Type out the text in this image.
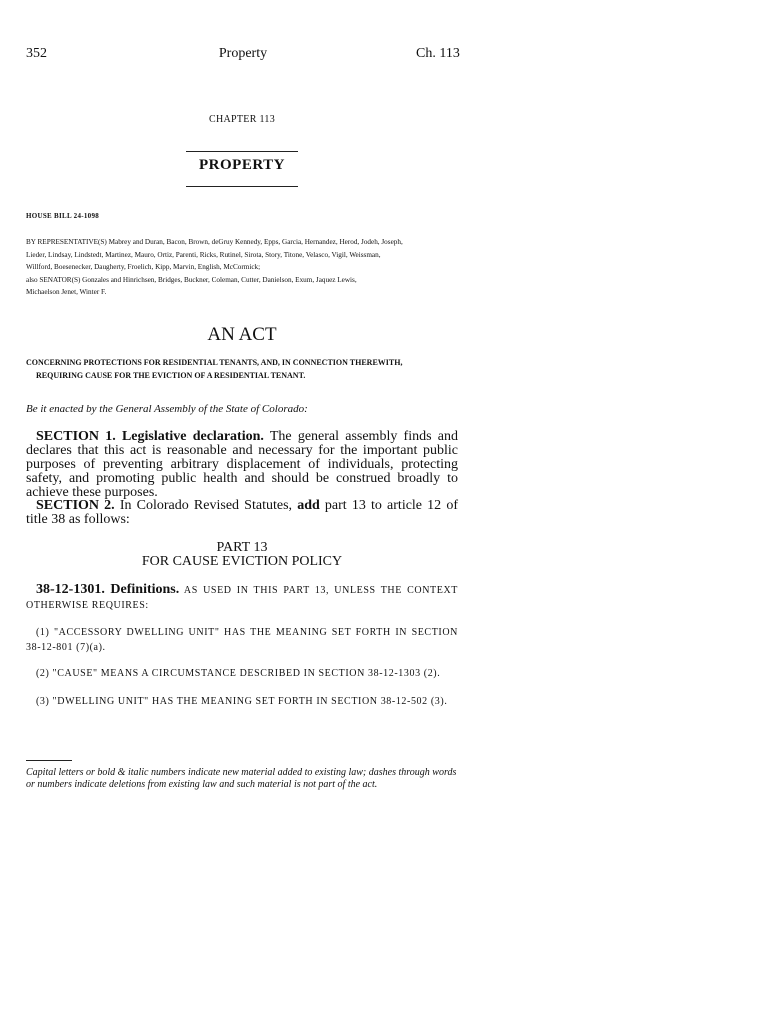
352	Property	Ch. 113
CHAPTER 113
PROPERTY
HOUSE BILL 24-1098
BY REPRESENTATIVE(S) Mabrey and Duran, Bacon, Brown, deGruy Kennedy, Epps, Garcia, Hernandez, Herod, Jodeh, Joseph,
Lieder, Lindsay, Lindstedt, Martinez, Mauro, Ortiz, Parenti, Ricks, Rutinel, Sirota, Story, Titone, Velasco, Vigil, Weissman,
Willford, Boesenecker, Daugherty, Froelich, Kipp, Marvin, English, McCormick;
also SENATOR(S) Gonzales and Hinrichsen, Bridges, Buckner, Coleman, Cutter, Danielson, Exum, Jaquez Lewis,
Michaelson Jenet, Winter F.
AN ACT
CONCERNING PROTECTIONS FOR RESIDENTIAL TENANTS, AND, IN CONNECTION THEREWITH,
REQUIRING CAUSE FOR THE EVICTION OF A RESIDENTIAL TENANT.
Be it enacted by the General Assembly of the State of Colorado:
SECTION 1. Legislative declaration. The general assembly finds and declares that this act is reasonable and necessary for the important public purposes of preventing arbitrary displacement of individuals, protecting safety, and promoting public health and should be construed broadly to achieve these purposes.
SECTION 2. In Colorado Revised Statutes, add part 13 to article 12 of title 38 as follows:
PART 13
FOR CAUSE EVICTION POLICY
38-12-1301. Definitions. AS USED IN THIS PART 13, UNLESS THE CONTEXT OTHERWISE REQUIRES:
(1) "ACCESSORY DWELLING UNIT" HAS THE MEANING SET FORTH IN SECTION 38-12-801 (7)(a).
(2) "CAUSE" MEANS A CIRCUMSTANCE DESCRIBED IN SECTION 38-12-1303 (2).
(3) "DWELLING UNIT" HAS THE MEANING SET FORTH IN SECTION 38-12-502 (3).
Capital letters or bold & italic numbers indicate new material added to existing law; dashes through words or numbers indicate deletions from existing law and such material is not part of the act.
